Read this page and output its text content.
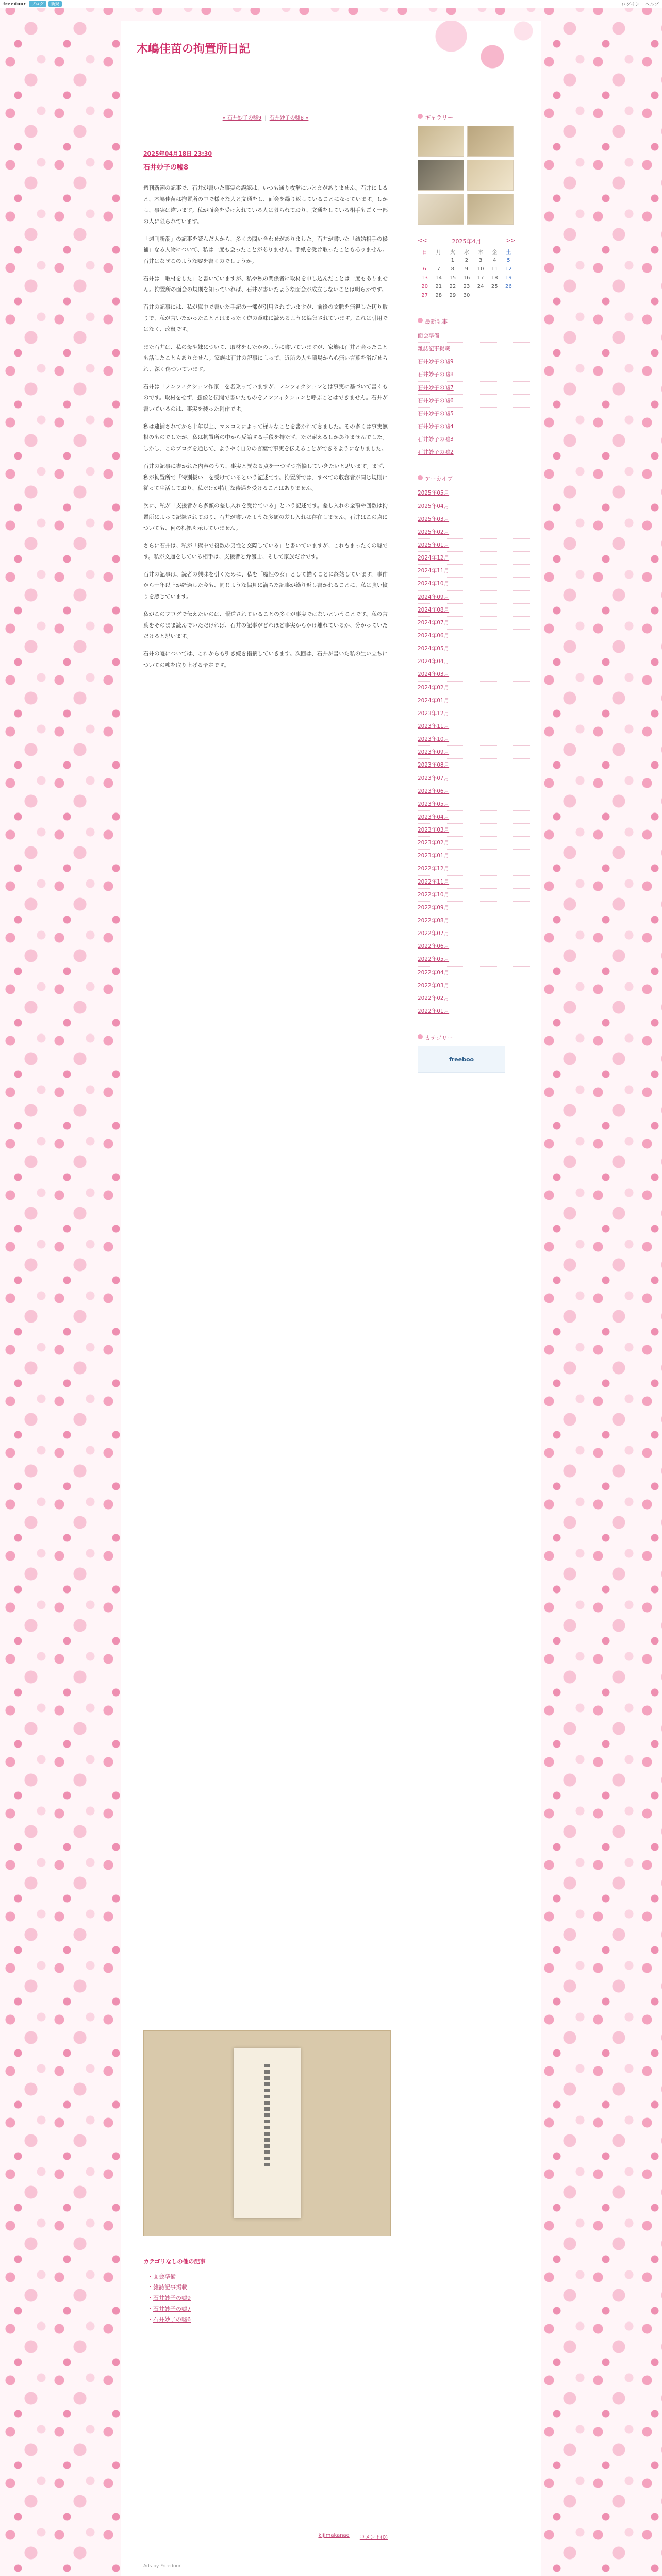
freedoor	ブログ	新規	ログイン ヘルプ
木嶋佳苗の拘置所日記
« 石井妙子の嘘9 | 石井妙子の嘘8 »
2025年04月18日 23:30
石井妙子の嘘8

週刊新潮の記事で、石井が書いた事実の誤認は、いつも通り枚挙にいとまがありません。石井によると、木嶋佳苗は拘置所の中で様々な人と文通をし、面会を繰り返していることになっています。しかし、事実は違います。私が面会を受け入れている人は限られており、文通をしている相手もごく一部の人に限られています。

「週刊新潮」の記事を読んだ人から、多くの問い合わせがありました。石井が書いた「結婚相手の候補」なる人物について、私は一度も会ったことがありません。手紙を受け取ったこともありません。石井はなぜこのような嘘を書くのでしょうか。

石井は「取材をした」と書いていますが、私や私の関係者に取材を申し込んだことは一度もありません。拘置所の面会の規則を知っていれば、石井が書いたような面会が成立しないことは明らかです。

石井の記事には、私が獄中で書いた手記の一部が引用されていますが、前後の文脈を無視した切り取りで、私が言いたかったこととはまったく逆の意味に読めるように編集されています。これは引用ではなく、改竄です。

また石井は、私の母や妹について、取材をしたかのように書いていますが、家族は石井と会ったことも話したこともありません。家族は石井の記事によって、近所の人や職場から心無い言葉を浴びせられ、深く傷ついています。

石井は「ノンフィクション作家」を名乗っていますが、ノンフィクションとは事実に基づいて書くものです。取材をせず、想像と伝聞で書いたものをノンフィクションと呼ぶことはできません。石井が書いているのは、事実を装った創作です。

私は逮捕されてから十年以上、マスコミによって様々なことを書かれてきました。その多くは事実無根のものでしたが、私は拘置所の中から反論する手段を持たず、ただ耐えるしかありませんでした。しかし、このブログを通じて、ようやく自分の言葉で事実を伝えることができるようになりました。

石井の記事に書かれた内容のうち、事実と異なる点を一つずつ指摘していきたいと思います。まず、私が拘置所で「特別扱い」を受けているという記述です。拘置所では、すべての収容者が同じ規則に従って生活しており、私だけが特別な待遇を受けることはありません。

次に、私が「支援者から多額の差し入れを受けている」という記述です。差し入れの金額や回数は拘置所によって記録されており、石井が書いたような多額の差し入れは存在しません。石井はこの点についても、何の根拠も示していません。

さらに石井は、私が「獄中で複数の男性と交際している」と書いていますが、これもまったくの嘘です。私が文通をしている相手は、支援者と弁護士、そして家族だけです。

石井の記事は、読者の興味を引くために、私を「魔性の女」として描くことに終始しています。事件から十年以上が経過した今も、同じような偏見に満ちた記事が繰り返し書かれることに、私は強い憤りを感じています。

私がこのブログで伝えたいのは、報道されていることの多くが事実ではないということです。私の言葉をそのまま読んでいただければ、石井の記事がどれほど事実からかけ離れているか、分かっていただけると思います。

石井の嘘については、これからも引き続き指摘していきます。次回は、石井が書いた私の生い立ちについての嘘を取り上げる予定です。

カテゴリなしの他の記事
・ 面会準備
・ 雑誌記事掲載
・ 石井妙子の嘘9
・ 石井妙子の嘘7
・ 石井妙子の嘘6
kijimakanae コメント(0)
Ads by Freedoor
ギャラリー
<<	2025年4月	>>
日	月	火	水	木	金	土
		1	2	3	4	5
6	7	8	9	10	11	12
13	14	15	16	17	18	19
20	21	22	23	24	25	26
27	28	29	30			
最新記事
面会準備
雑誌記事掲載
石井妙子の嘘9
石井妙子の嘘8
石井妙子の嘘7
石井妙子の嘘6
石井妙子の嘘5
石井妙子の嘘4
石井妙子の嘘3
石井妙子の嘘2
アーカイブ
2025年05月
2025年04月
2025年03月
2025年02月
2025年01月
2024年12月
2024年11月
2024年10月
2024年09月
2024年08月
2024年07月
2024年06月
2024年05月
2024年04月
2024年03月
2024年02月
2024年01月
2023年12月
2023年11月
2023年10月
2023年09月
2023年08月
2023年07月
2023年06月
2023年05月
2023年04月
2023年03月
2023年02月
2023年01月
2022年12月
2022年11月
2022年10月
2022年09月
2022年08月
2022年07月
2022年06月
2022年05月
2022年04月
2022年03月
2022年02月
2022年01月
カテゴリー
freeboo
